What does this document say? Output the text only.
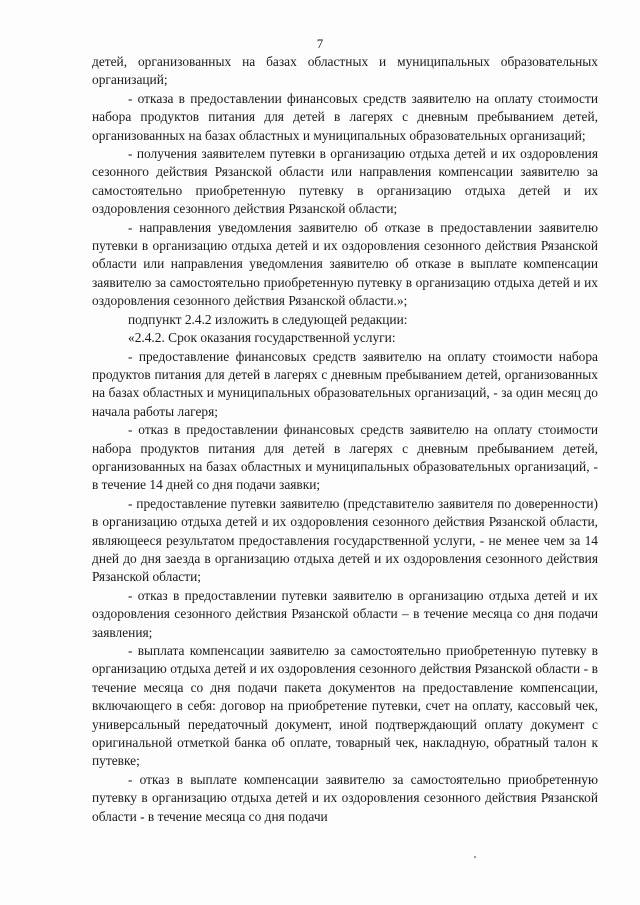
7

детей, организованных на базах областных и муниципальных образовательных организаций;

- отказа в предоставлении финансовых средств заявителю на оплату стоимости набора продуктов питания для детей в лагерях с дневным пребыванием детей, организованных на базах областных и муниципальных образовательных организаций;

- получения заявителем путевки в организацию отдыха детей и их оздоровления сезонного действия Рязанской области или направления компенсации заявителю за самостоятельно приобретенную путевку в организацию отдыха детей и их оздоровления сезонного действия Рязанской области;

- направления уведомления заявителю об отказе в предоставлении заявителю путевки в организацию отдыха детей и их оздоровления сезонного действия Рязанской области или направления уведомления заявителю об отказе в выплате компенсации заявителю за самостоятельно приобретенную путевку в организацию отдыха детей и их оздоровления сезонного действия Рязанской области.»;

подпункт 2.4.2 изложить в следующей редакции:

«2.4.2. Срок оказания государственной услуги:

- предоставление финансовых средств заявителю на оплату стоимости набора продуктов питания для детей в лагерях с дневным пребыванием детей, организованных на базах областных и муниципальных образовательных организаций, - за один месяц до начала работы лагеря;

- отказ в предоставлении финансовых средств заявителю на оплату стоимости набора продуктов питания для детей в лагерях с дневным пребыванием детей, организованных на базах областных и муниципальных образовательных организаций, - в течение 14 дней со дня подачи заявки;

- предоставление путевки заявителю (представителю заявителя по доверенности) в организацию отдыха детей и их оздоровления сезонного действия Рязанской области, являющееся результатом предоставления государственной услуги, - не менее чем за 14 дней до дня заезда в организацию отдыха детей и их оздоровления сезонного действия Рязанской области;

- отказ в предоставлении путевки заявителю в организацию отдыха детей и их оздоровления сезонного действия Рязанской области – в течение месяца со дня подачи заявления;

- выплата компенсации заявителю за самостоятельно приобретенную путевку в организацию отдыха детей и их оздоровления сезонного действия Рязанской области - в течение месяца со дня подачи пакета документов на предоставление компенсации, включающего в себя: договор на приобретение путевки, счет на оплату, кассовый чек, универсальный передаточный документ, иной подтверждающий оплату документ с оригинальной отметкой банка об оплате, товарный чек, накладную, обратный талон к путевке;

- отказ в выплате компенсации заявителю за самостоятельно приобретенную путевку в организацию отдыха детей и их оздоровления сезонного действия Рязанской области - в течение месяца со дня подачи
